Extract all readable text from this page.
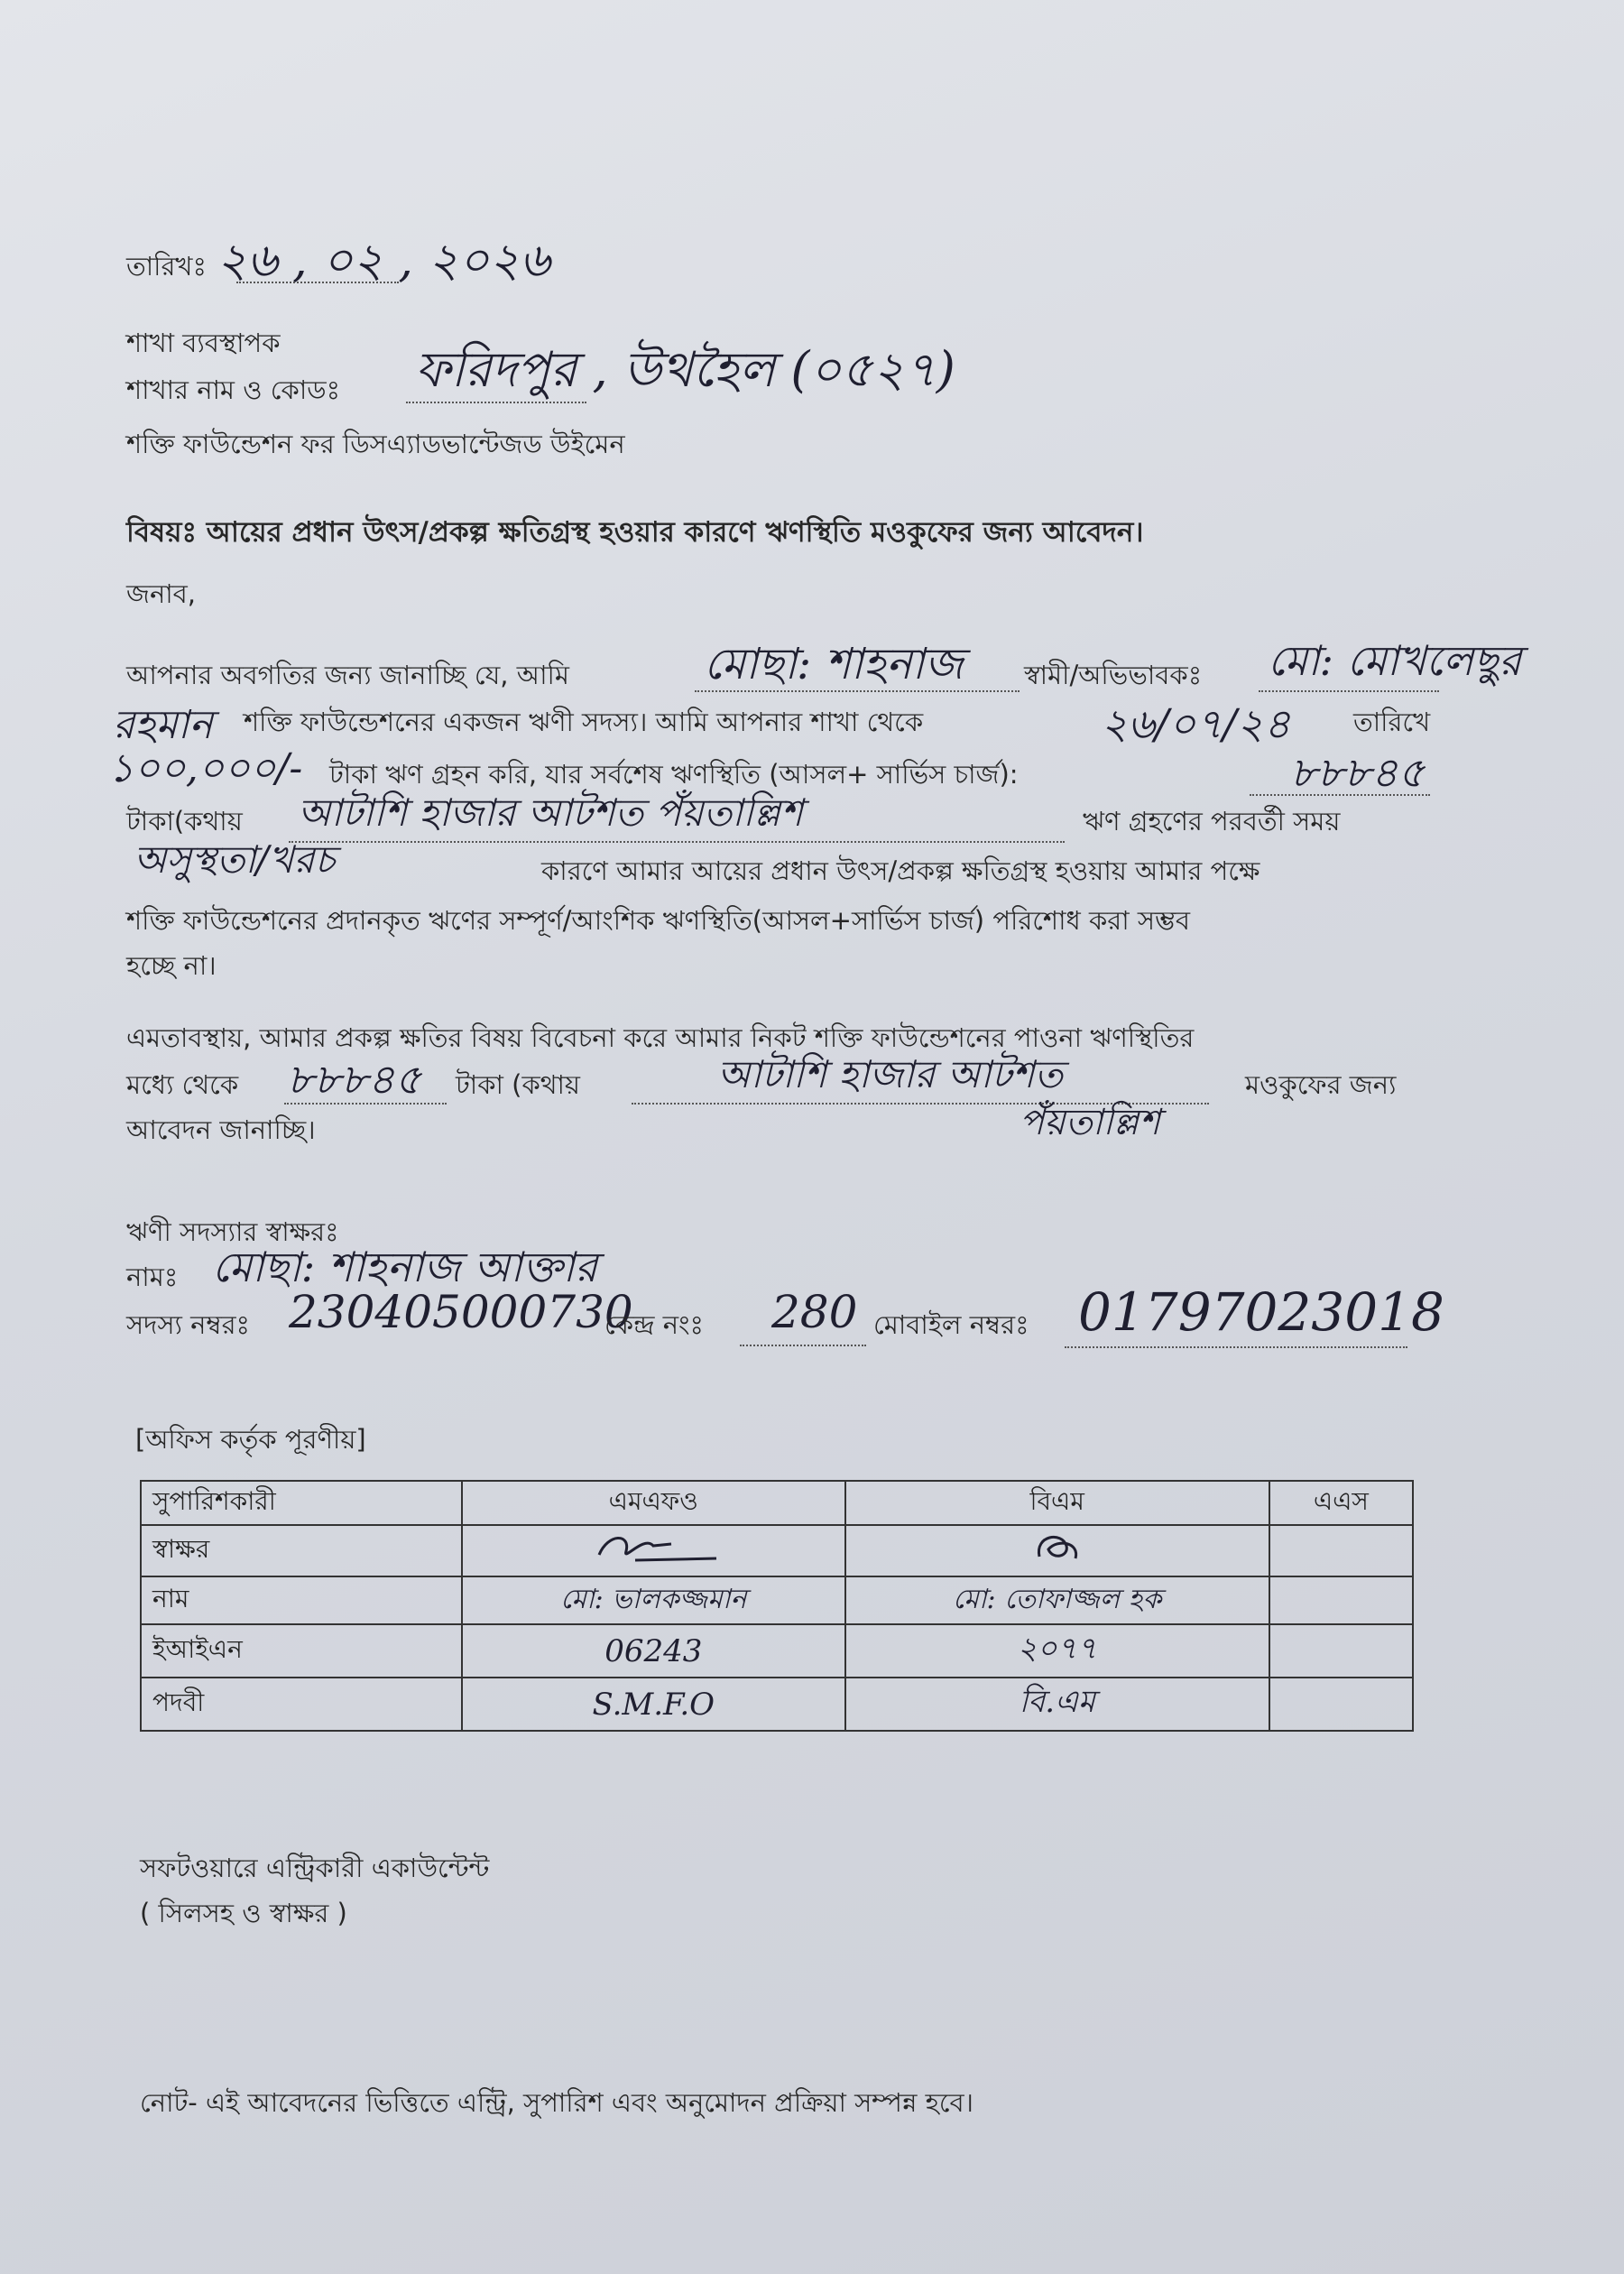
তারিখঃ ২৬ , ০২ , ২০২৬
শাখা ব্যবস্থাপক
শাখার নাম ও কোডঃ ফরিদপুর , উথহৈল (০৫২৭)
শক্তি ফাউন্ডেশন ফর ডিসএ্যাডভান্টেজড উইমেন
বিষয়ঃ আয়ের প্রধান উৎস/প্রকল্প ক্ষতিগ্রস্থ হওয়ার কারণে ঋণস্থিতি মওকুফের জন্য আবেদন।
জনাব,
আপনার অবগতির জন্য জানাচ্ছি যে, আমি	মোছা: শাহনাজ স্বামী/অভিভাবকঃ মো: মোখলেছুর
রহমান শক্তি ফাউন্ডেশনের একজন ঋণী সদস্য। আমি আপনার শাখা থেকে	২৬/০৭/২৪ তারিখে
১০০,০০০/- টাকা ঋণ গ্রহন করি, যার সর্বশেষ ঋণস্থিতি (আসল+ সার্ভিস চার্জ):	৮৮৮৪৫
টাকা(কথায় আটাশি হাজার আটশত পঁয়তাল্লিশ	ঋণ গ্রহণের পরবর্তী সময়
অসুস্থতা/খরচ	কারণে আমার আয়ের প্রধান উৎস/প্রকল্প ক্ষতিগ্রস্থ হওয়ায় আমার পক্ষে
শক্তি ফাউন্ডেশনের প্রদানকৃত ঋণের সম্পূর্ণ/আংশিক ঋণস্থিতি(আসল+সার্ভিস চার্জ) পরিশোধ করা সম্ভব
হচ্ছে না।
এমতাবস্থায়, আমার প্রকল্প ক্ষতির বিষয় বিবেচনা করে আমার নিকট শক্তি ফাউন্ডেশনের পাওনা ঋণস্থিতির
মধ্যে থেকে ৮৮৮৪৫ টাকা (কথায়	আটাশি হাজার আটশত	মওকুফের জন্য
আবেদন জানাচ্ছি।	পঁয়তাল্লিশ
ঋণী সদস্যার স্বাক্ষরঃ
নামঃ মোছা: শাহনাজ আক্তার
সদস্য নম্বরঃ 230405000730
কেন্দ্র নংঃ 280 মোবাইল নম্বরঃ 01797023018
[অফিস কর্তৃক পূরণীয়]
সুপারিশকারী	এমএফও	বিএম	এএস
স্বাক্ষর			
নাম	মো: ভালকজ্জমান	মো: তোফাজ্জল হক	
ইআইএন	06243	২০৭৭	
পদবী	S.M.F.O	বি.এম	
সফটওয়ারে এন্ট্রিকারী একাউন্টেন্ট
( সিলসহ ও স্বাক্ষর )
নোট- এই আবেদনের ভিত্তিতে এন্ট্রি, সুপারিশ এবং অনুমোদন প্রক্রিয়া সম্পন্ন হবে।
